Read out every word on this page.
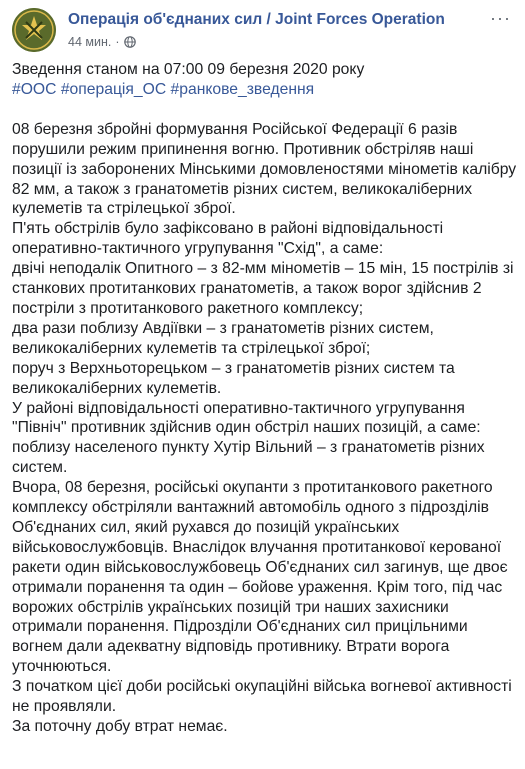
Операція об'єднаних сил / Joint Forces Operation
44 мин. ·
···

Зведення станом на 07:00 09 березня 2020 року

#ООС #операція_ОС #ранкове_зведення

08 березня збройні формування Російської Федерації 6 разів
порушили режим припинення вогню. Противник обстріляв наші
позиції із заборонених Мінськими домовленостями мінометів калібру
82 мм, а також з гранатометів різних систем, великокаліберних
кулеметів та стрілецької зброї.

П'ять обстрілів було зафіксовано в районі відповідальності
оперативно-тактичного угрупування "Схід", а саме:

двічі неподалік Опитного – з 82-мм мінометів – 15 мін, 15 пострілів зі
станкових протитанкових гранатометів, а також ворог здійснив 2
постріли з протитанкового ракетного комплексу;

два рази поблизу Авдіївки – з гранатометів різних систем,
великокаліберних кулеметів та стрілецької зброї;

поруч з Верхньоторецьком – з гранатометів різних систем та
великокаліберних кулеметів.

У районі відповідальності оперативно-тактичного угрупування
"Північ" противник здійснив один обстріл наших позицій, а саме:
поблизу населеного пункту Хутір Вільний – з гранатометів різних
систем.

Вчора, 08 березня, російські окупанти з протитанкового ракетного
комплексу обстріляли вантажний автомобіль одного з підрозділів
Об'єднаних сил, який рухався до позицій українських
військовослужбовців. Внаслідок влучання протитанкової керованої
ракети один військовослужбовець Об'єднаних сил загинув, ще двоє
отримали поранення та один – бойове ураження. Крім того, під час
ворожих обстрілів українських позицій три наших захисники
отримали поранення. Підрозділи Об'єднаних сил прицільними
вогнем дали адекватну відповідь противнику. Втрати ворога
уточнюються.

З початком цієї доби російські окупаційні війська вогневої активності
не проявляли.

За поточну добу втрат немає.
